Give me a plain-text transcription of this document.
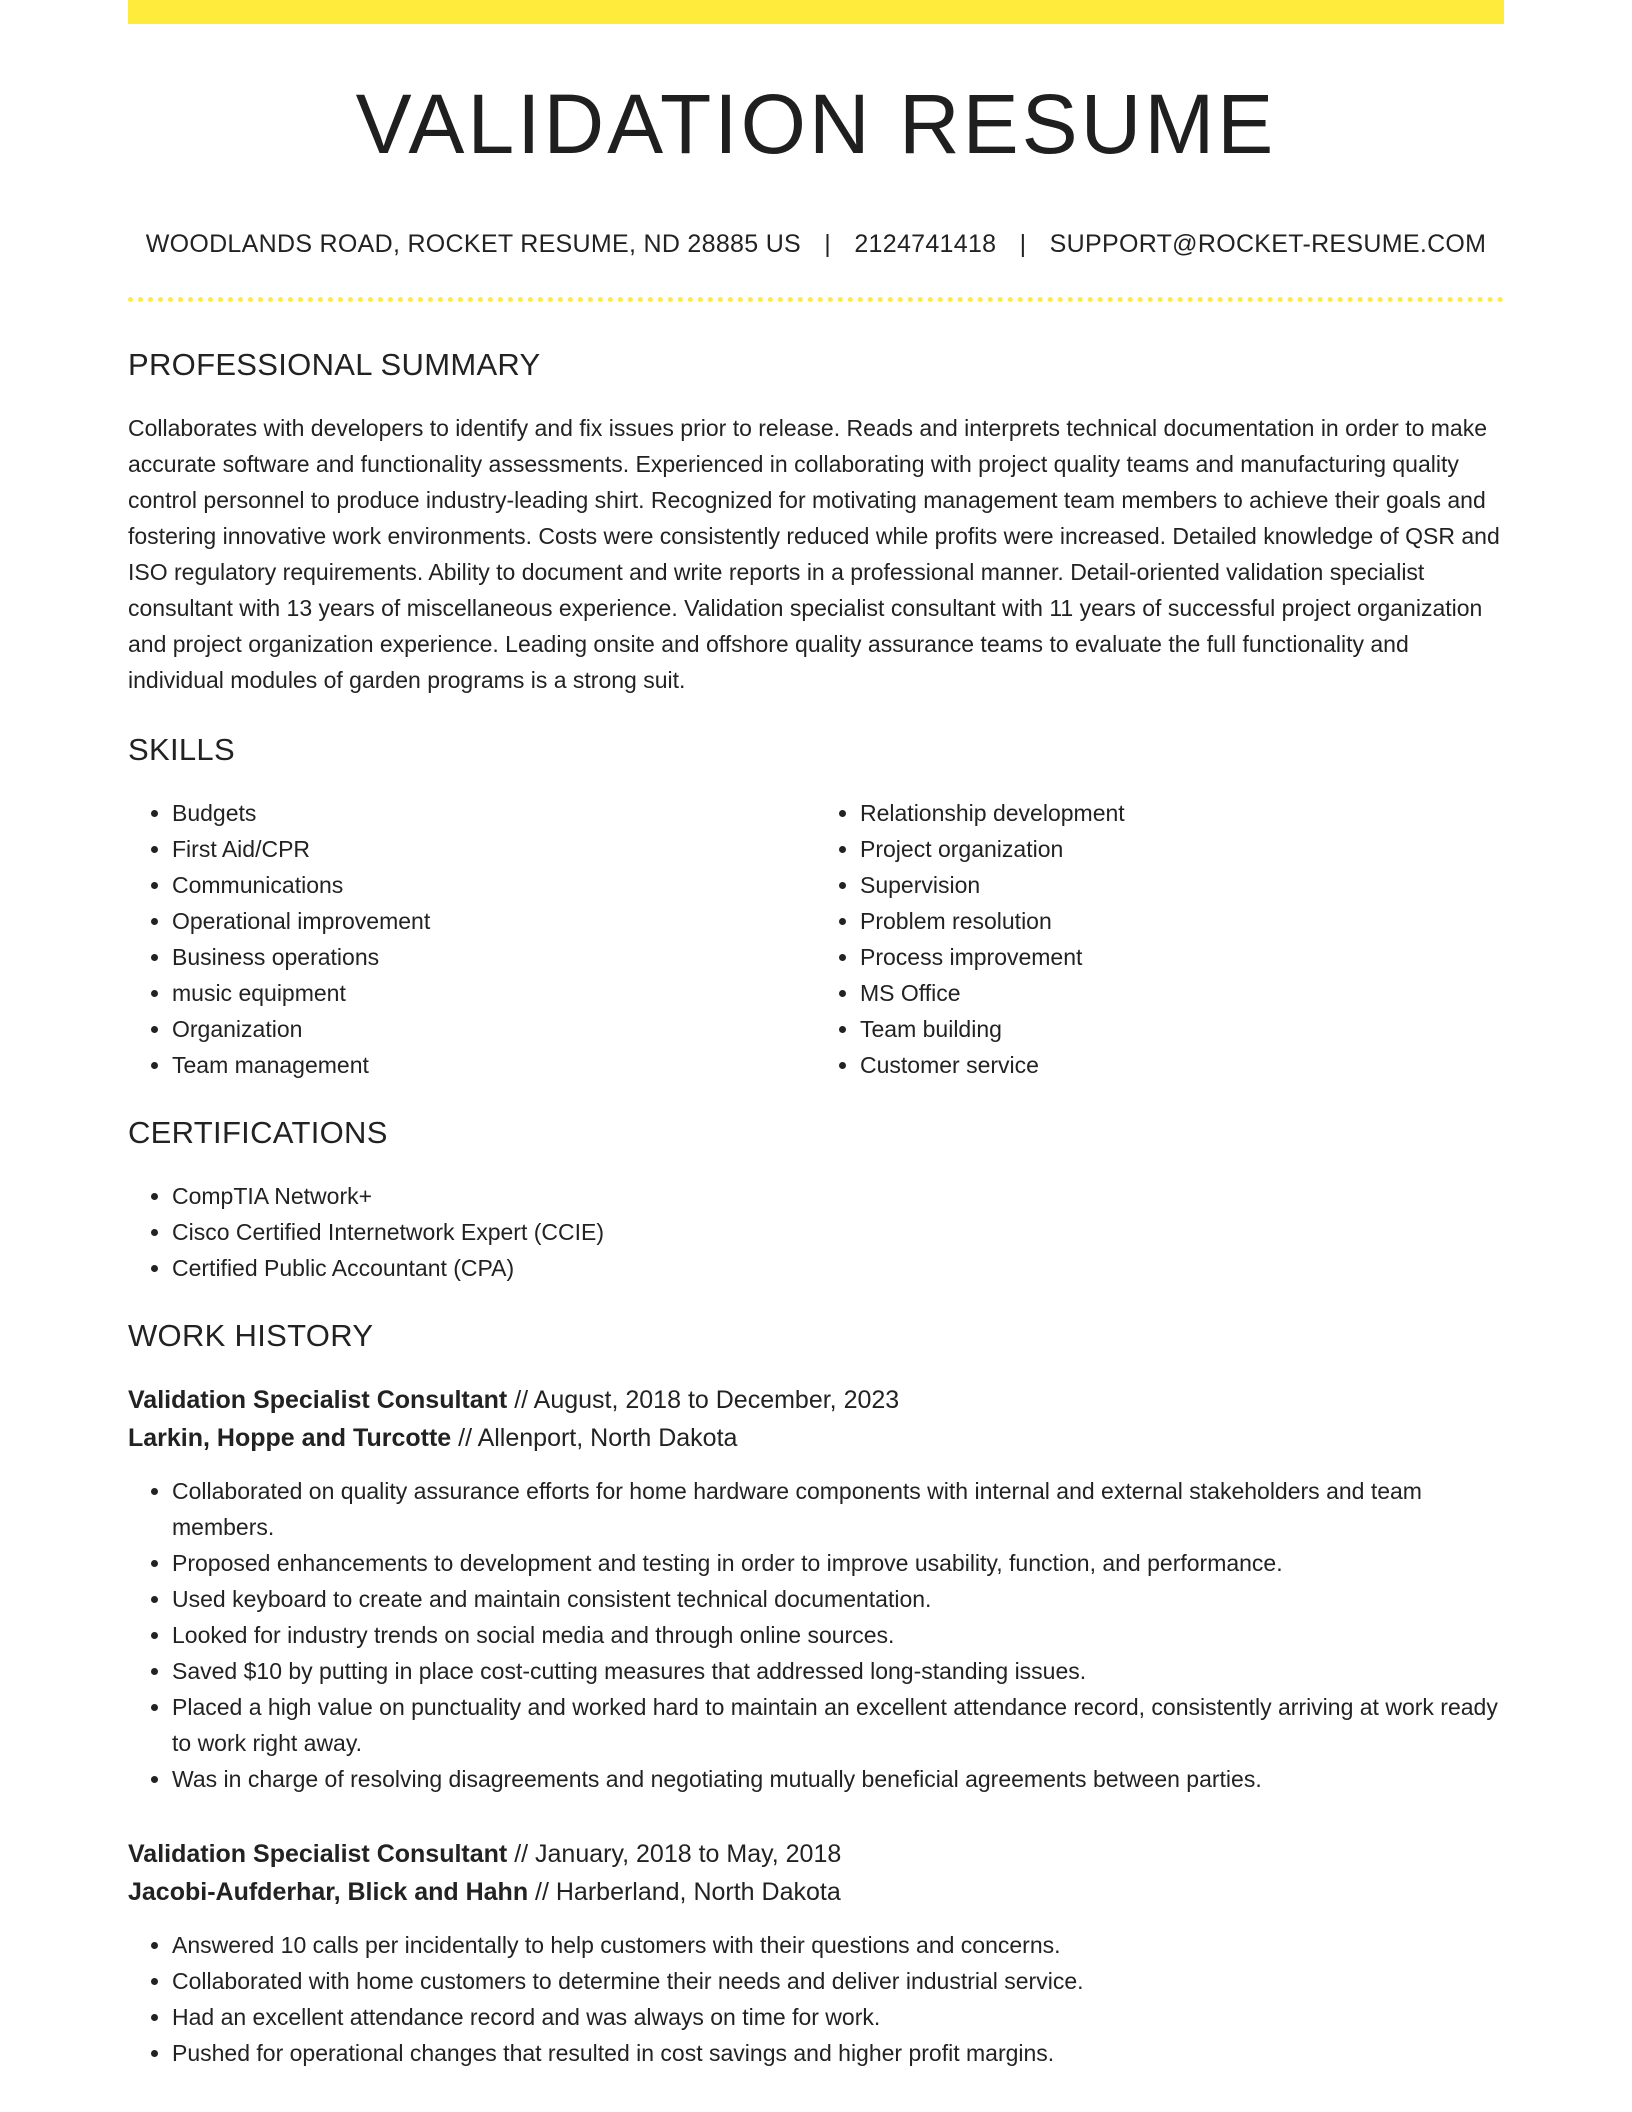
VALIDATION RESUME
WOODLANDS ROAD, ROCKET RESUME, ND 28885 US | 2124741418 | SUPPORT@ROCKET-RESUME.COM
PROFESSIONAL SUMMARY

Collaborates with developers to identify and fix issues prior to release. Reads and interprets technical documentation in order to make accurate software and functionality assessments. Experienced in collaborating with project quality teams and manufacturing quality control personnel to produce industry-leading shirt. Recognized for motivating management team members to achieve their goals and fostering innovative work environments. Costs were consistently reduced while profits were increased. Detailed knowledge of QSR and ISO regulatory requirements. Ability to document and write reports in a professional manner. Detail-oriented validation specialist consultant with 13 years of miscellaneous experience. Validation specialist consultant with 11 years of successful project organization and project organization experience. Leading onsite and offshore quality assurance teams to evaluate the full functionality and individual modules of garden programs is a strong suit.

SKILLS
• Budgets
• First Aid/CPR
• Communications
• Operational improvement
• Business operations
• music equipment
• Organization
• Team management
• Relationship development
• Project organization
• Supervision
• Problem resolution
• Process improvement
• MS Office
• Team building
• Customer service
CERTIFICATIONS
• CompTIA Network+
• Cisco Certified Internetwork Expert (CCIE)
• Certified Public Accountant (CPA)
WORK HISTORY
Validation Specialist Consultant // August, 2018 to December, 2023
Larkin, Hoppe and Turcotte // Allenport, North Dakota
• Collaborated on quality assurance efforts for home hardware components with internal and external stakeholders and team members.
• Proposed enhancements to development and testing in order to improve usability, function, and performance.
• Used keyboard to create and maintain consistent technical documentation.
• Looked for industry trends on social media and through online sources.
• Saved $10 by putting in place cost-cutting measures that addressed long-standing issues.
• Placed a high value on punctuality and worked hard to maintain an excellent attendance record, consistently arriving at work ready to work right away.
• Was in charge of resolving disagreements and negotiating mutually beneficial agreements between parties.
Validation Specialist Consultant // January, 2018 to May, 2018
Jacobi-Aufderhar, Blick and Hahn // Harberland, North Dakota
• Answered 10 calls per incidentally to help customers with their questions and concerns.
• Collaborated with home customers to determine their needs and deliver industrial service.
• Had an excellent attendance record and was always on time for work.
• Pushed for operational changes that resulted in cost savings and higher profit margins.
